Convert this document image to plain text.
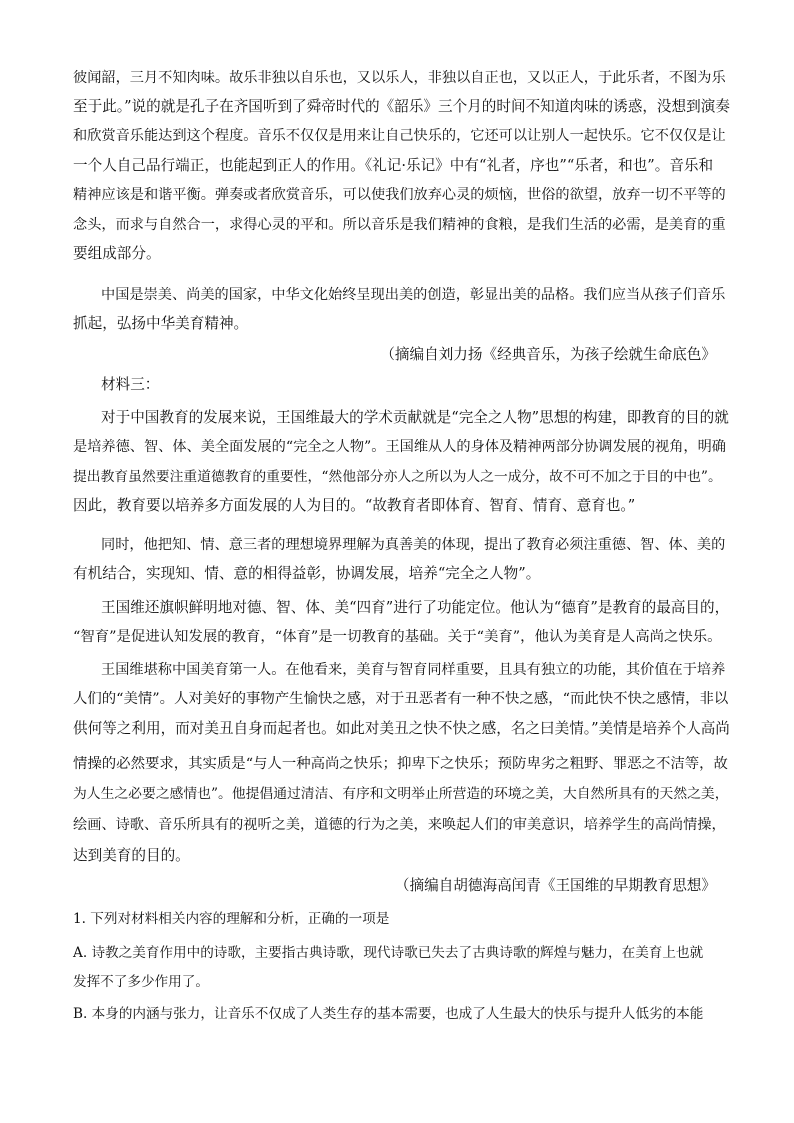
彼闻韶，三月不知肉味。故乐非独以自乐也，又以乐人，非独以自正也，又以正人，于此乐者，不图为乐
至于此。”说的就是孔子在齐国听到了舜帝时代的《韶乐》三个月的时间不知道肉味的诱惑，没想到演奏
和欣赏音乐能达到这个程度。音乐不仅仅是用来让自己快乐的，它还可以让别人一起快乐。它不仅仅是让
一个人自己品行端正，也能起到正人的作用。《礼记·乐记》中有“礼者，序也”“乐者，和也”。音乐和
精神应该是和谐平衡。弹奏或者欣赏音乐，可以使我们放弃心灵的烦恼，世俗的欲望，放弃一切不平等的
念头，而求与自然合一，求得心灵的平和。所以音乐是我们精神的食粮，是我们生活的必需，是美育的重
要组成部分。
中国是崇美、尚美的国家，中华文化始终呈现出美的创造，彰显出美的品格。我们应当从孩子们音乐
抓起，弘扬中华美育精神。
（摘编自刘力扬《经典音乐，为孩子绘就生命底色》
材料三：
对于中国教育的发展来说，王国维最大的学术贡献就是“完全之人物”思想的构建，即教育的目的就
是培养德、智、体、美全面发展的“完全之人物”。王国维从人的身体及精神两部分协调发展的视角，明确
提出教育虽然要注重道德教育的重要性，“然他部分亦人之所以为人之一成分，故不可不加之于目的中也”。
因此，教育要以培养多方面发展的人为目的。“故教育者即体育、智育、情育、意育也。”
同时，他把知、情、意三者的理想境界理解为真善美的体现，提出了教育必须注重德、智、体、美的
有机结合，实现知、情、意的相得益彰，协调发展，培养“完全之人物”。
王国维还旗帜鲜明地对德、智、体、美“四育”进行了功能定位。他认为“德育”是教育的最高目的，
“智育”是促进认知发展的教育，“体育”是一切教育的基础。关于“美育”，他认为美育是人高尚之快乐。
王国维堪称中国美育第一人。在他看来，美育与智育同样重要，且具有独立的功能，其价值在于培养
人们的“美情”。人对美好的事物产生愉快之感，对于丑恶者有一种不快之感，“而此快不快之感情，非以
供何等之利用，而对美丑自身而起者也。如此对美丑之快不快之感，名之曰美情。”美情是培养个人高尚
情操的必然要求，其实质是“与人一种高尚之快乐；抑卑下之快乐；预防卑劣之粗野、罪恶之不洁等，故
为人生之必要之感情也”。他提倡通过清洁、有序和文明举止所营造的环境之美，大自然所具有的天然之美，
绘画、诗歌、音乐所具有的视听之美，道德的行为之美，来唤起人们的审美意识，培养学生的高尚情操，
达到美育的目的。
（摘编自胡德海高闰青《王国维的早期教育思想》
1. 下列对材料相关内容的理解和分析，正确的一项是
A. 诗教之美育作用中的诗歌，主要指古典诗歌，现代诗歌已失去了古典诗歌的辉煌与魅力，在美育上也就
发挥不了多少作用了。
B. 本身的内涵与张力，让音乐不仅成了人类生存的基本需要，也成了人生最大的快乐与提升人低劣的本能
